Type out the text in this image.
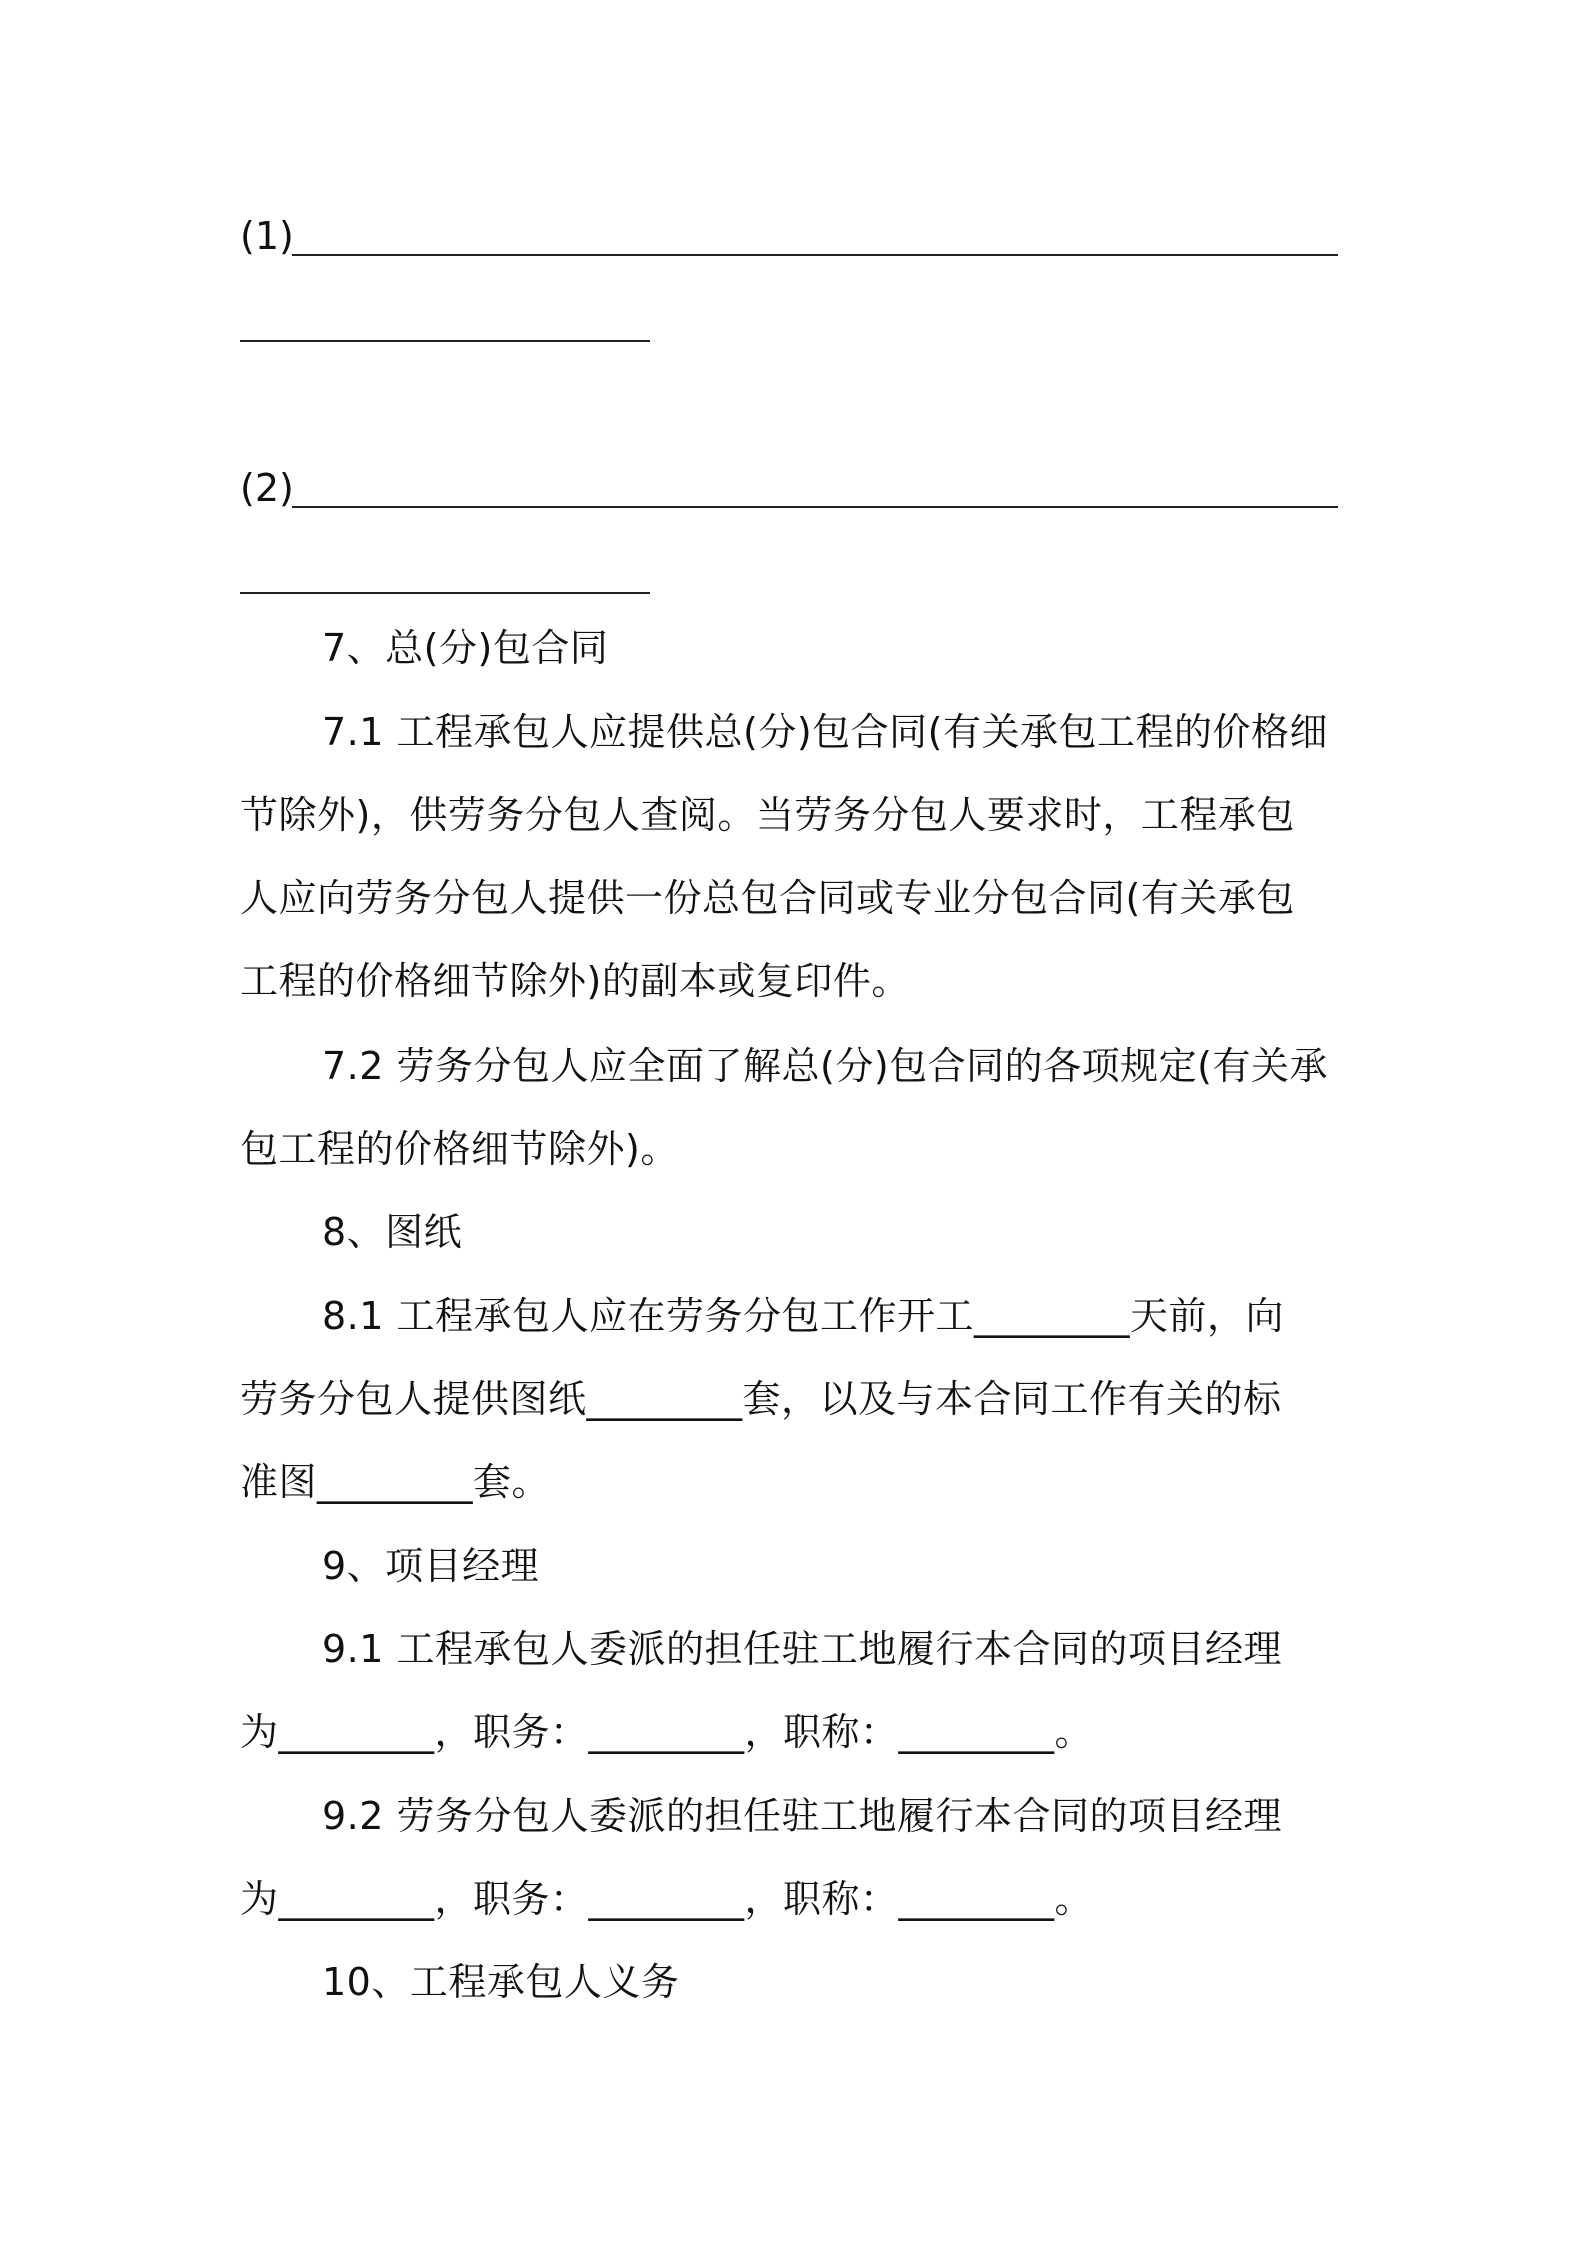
(1)
(2)
7、总(分)包合同
7.1 工程承包人应提供总(分)包合同(有关承包工程的价格细
节除外)，供劳务分包人查阅。当劳务分包人要求时，工程承包
人应向劳务分包人提供一份总包合同或专业分包合同(有关承包
工程的价格细节除外)的副本或复印件。
7.2 劳务分包人应全面了解总(分)包合同的各项规定(有关承
包工程的价格细节除外)。
8、图纸
8.1 工程承包人应在劳务分包工作开工________天前，向
劳务分包人提供图纸________套，以及与本合同工作有关的标
准图________套。
9、项目经理
9.1 工程承包人委派的担任驻工地履行本合同的项目经理
为________，职务：________，职称：________。
9.2 劳务分包人委派的担任驻工地履行本合同的项目经理
为________，职务：________，职称：________。
10、工程承包人义务
